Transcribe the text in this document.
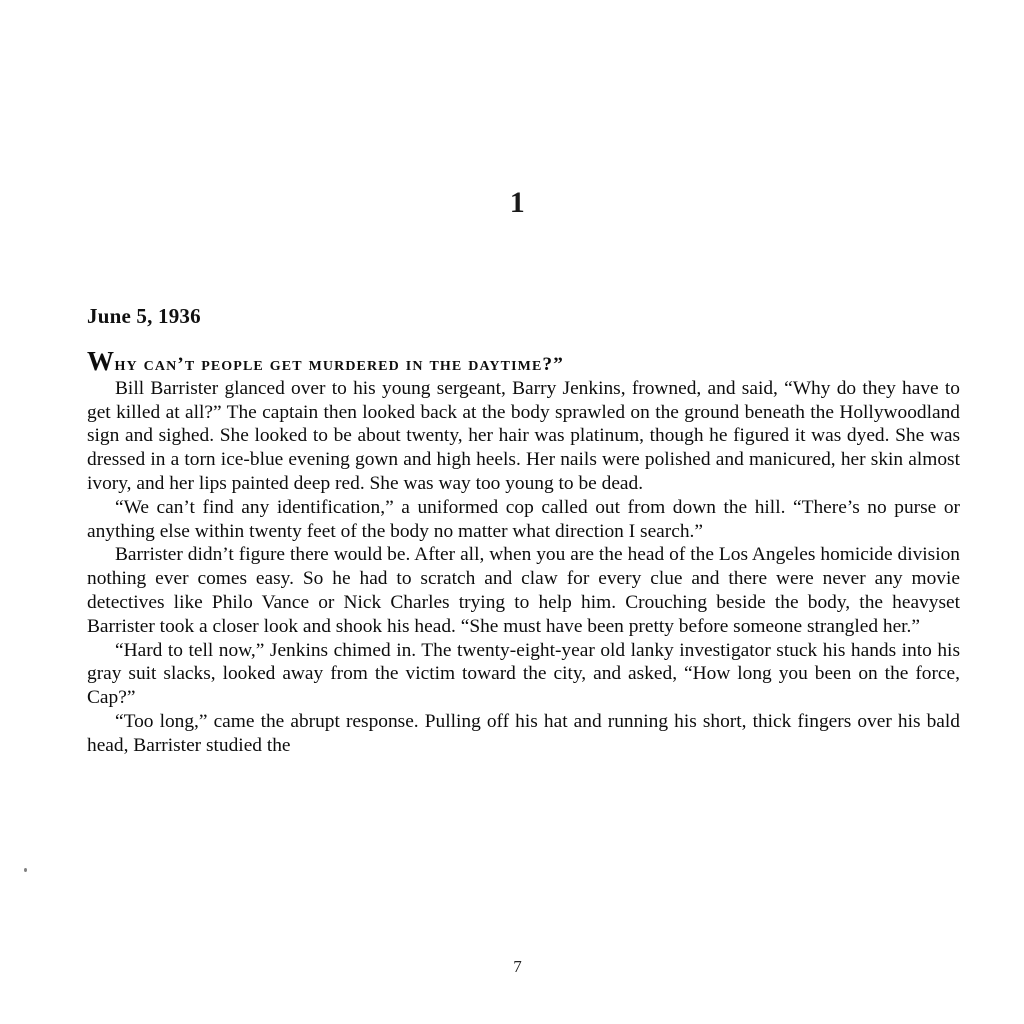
1
June 5, 1936

Why can’t people get murdered in the daytime?”

Bill Barrister glanced over to his young sergeant, Barry Jenkins, frowned, and said, “Why do they have to get killed at all?” The captain then looked back at the body sprawled on the ground beneath the Hollywoodland sign and sighed. She looked to be about twenty, her hair was platinum, though he figured it was dyed. She was dressed in a torn ice-blue evening gown and high heels. Her nails were polished and manicured, her skin almost ivory, and her lips painted deep red. She was way too young to be dead.

“We can’t find any identification,” a uniformed cop called out from down the hill. “There’s no purse or anything else within twenty feet of the body no matter what direction I search.”

Barrister didn’t figure there would be. After all, when you are the head of the Los Angeles homicide division nothing ever comes easy. So he had to scratch and claw for every clue and there were never any movie detectives like Philo Vance or Nick Charles trying to help him. Crouching beside the body, the heavyset Barrister took a closer look and shook his head. “She must have been pretty before someone strangled her.”

“Hard to tell now,” Jenkins chimed in. The twenty-eight-year old lanky investigator stuck his hands into his gray suit slacks, looked away from the victim toward the city, and asked, “How long you been on the force, Cap?”

“Too long,” came the abrupt response. Pulling off his hat and running his short, thick fingers over his bald head, Barrister studied the

7
